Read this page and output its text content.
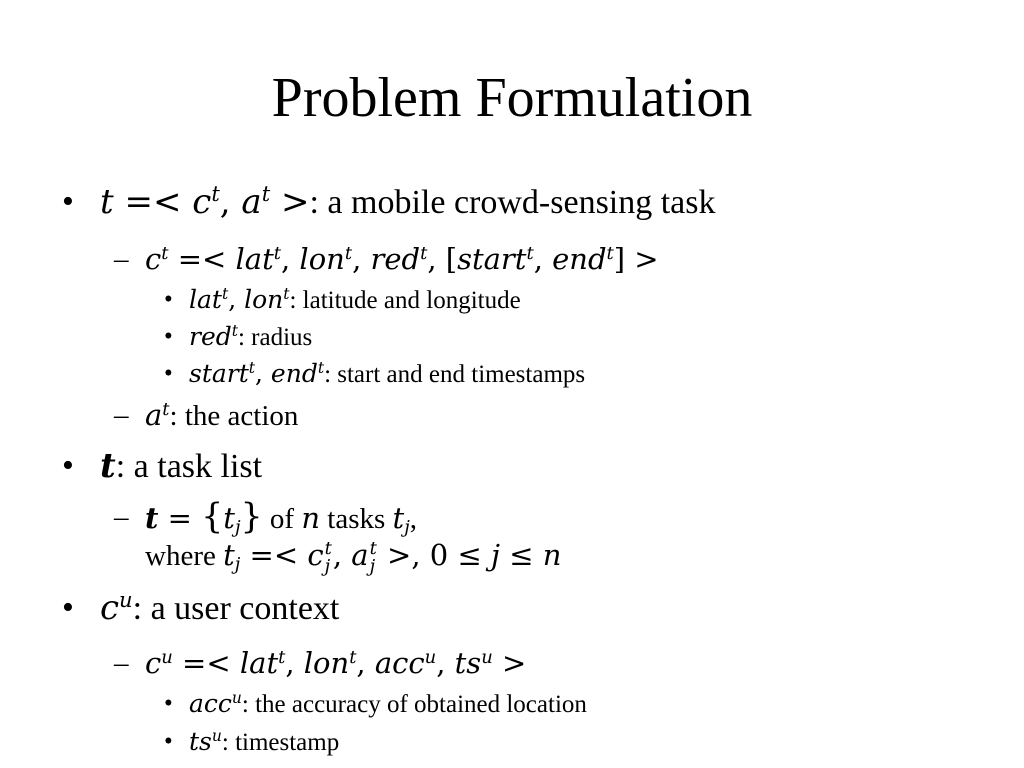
Problem Formulation
• $t =< c^t$, $a^t$ >: a mobile crowd-sensing task
– $c^t =< lat^t$, lon$^t$, red$^t$, [start$^t$, end$^t$] >
• lat$^t$, lon$^t$: latitude and longitude
• red$^t$: radius
• start$^t$, end$^t$: start and end timestamps
– $a^t$: the action
• t: a task list
– $t = \{t_j\}$ of n tasks $t_j$,
where $t_j =< c$ t
j , a t
j >, 0 ≤ j ≤ n
• $c^u$: a user context
– $c^u =< lat^t$, lon$^t$, acc$^u$, $ts^u$ >
• acc$^u$: the accuracy of obtained location
• $ts^u$: timestamp
